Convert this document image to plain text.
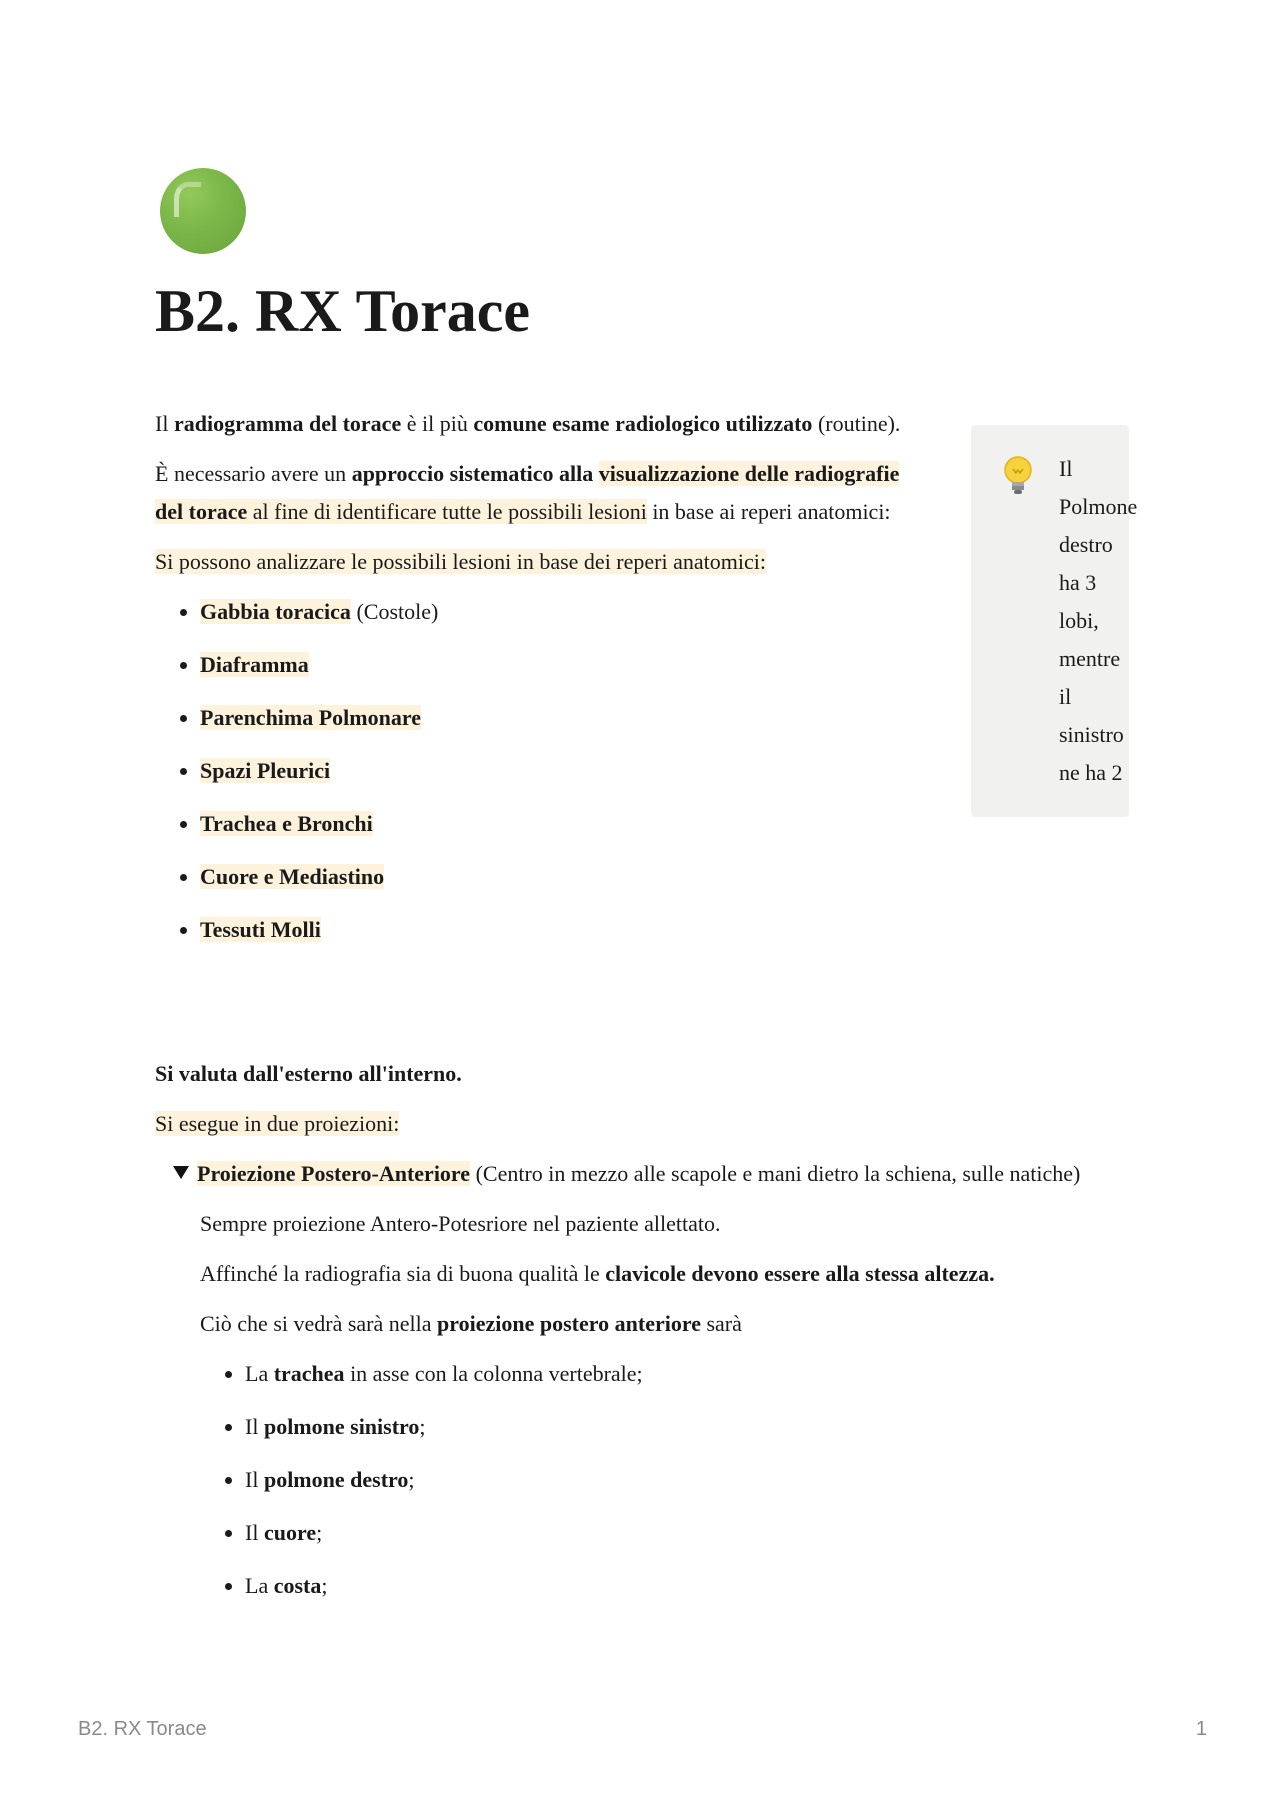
B2. RX Torace

Il radiogramma del torace è il più comune esame radiologico utilizzato (routine).

È necessario avere un approccio sistematico alla visualizzazione delle radiografie del torace al fine di identificare tutte le possibili lesioni in base ai reperi anatomici:

Si possono analizzare le possibili lesioni in base dei reperi anatomici:

• Gabbia toracica (Costole)
• Diaframma
• Parenchima Polmonare
• Spazi Pleurici
• Trachea e Bronchi
• Cuore e Mediastino
• Tessuti Molli
Il
Polmone
destro
ha 3
lobi,
mentre
il
sinistro
ne ha 2

Si valuta dall'esterno all'interno.

Si esegue in due proiezioni:

Proiezione Postero-Anteriore (Centro in mezzo alle scapole e mani dietro la schiena, sulle natiche)

Sempre proiezione Antero-Potesriore nel paziente allettato.

Affinché la radiografia sia di buona qualità le clavicole devono essere alla stessa altezza.

Ciò che si vedrà sarà nella proiezione postero anteriore sarà

• La trachea in asse con la colonna vertebrale;
• Il polmone sinistro;
• Il polmone destro;
• Il cuore;
• La costa;
B2. RX Torace	1
